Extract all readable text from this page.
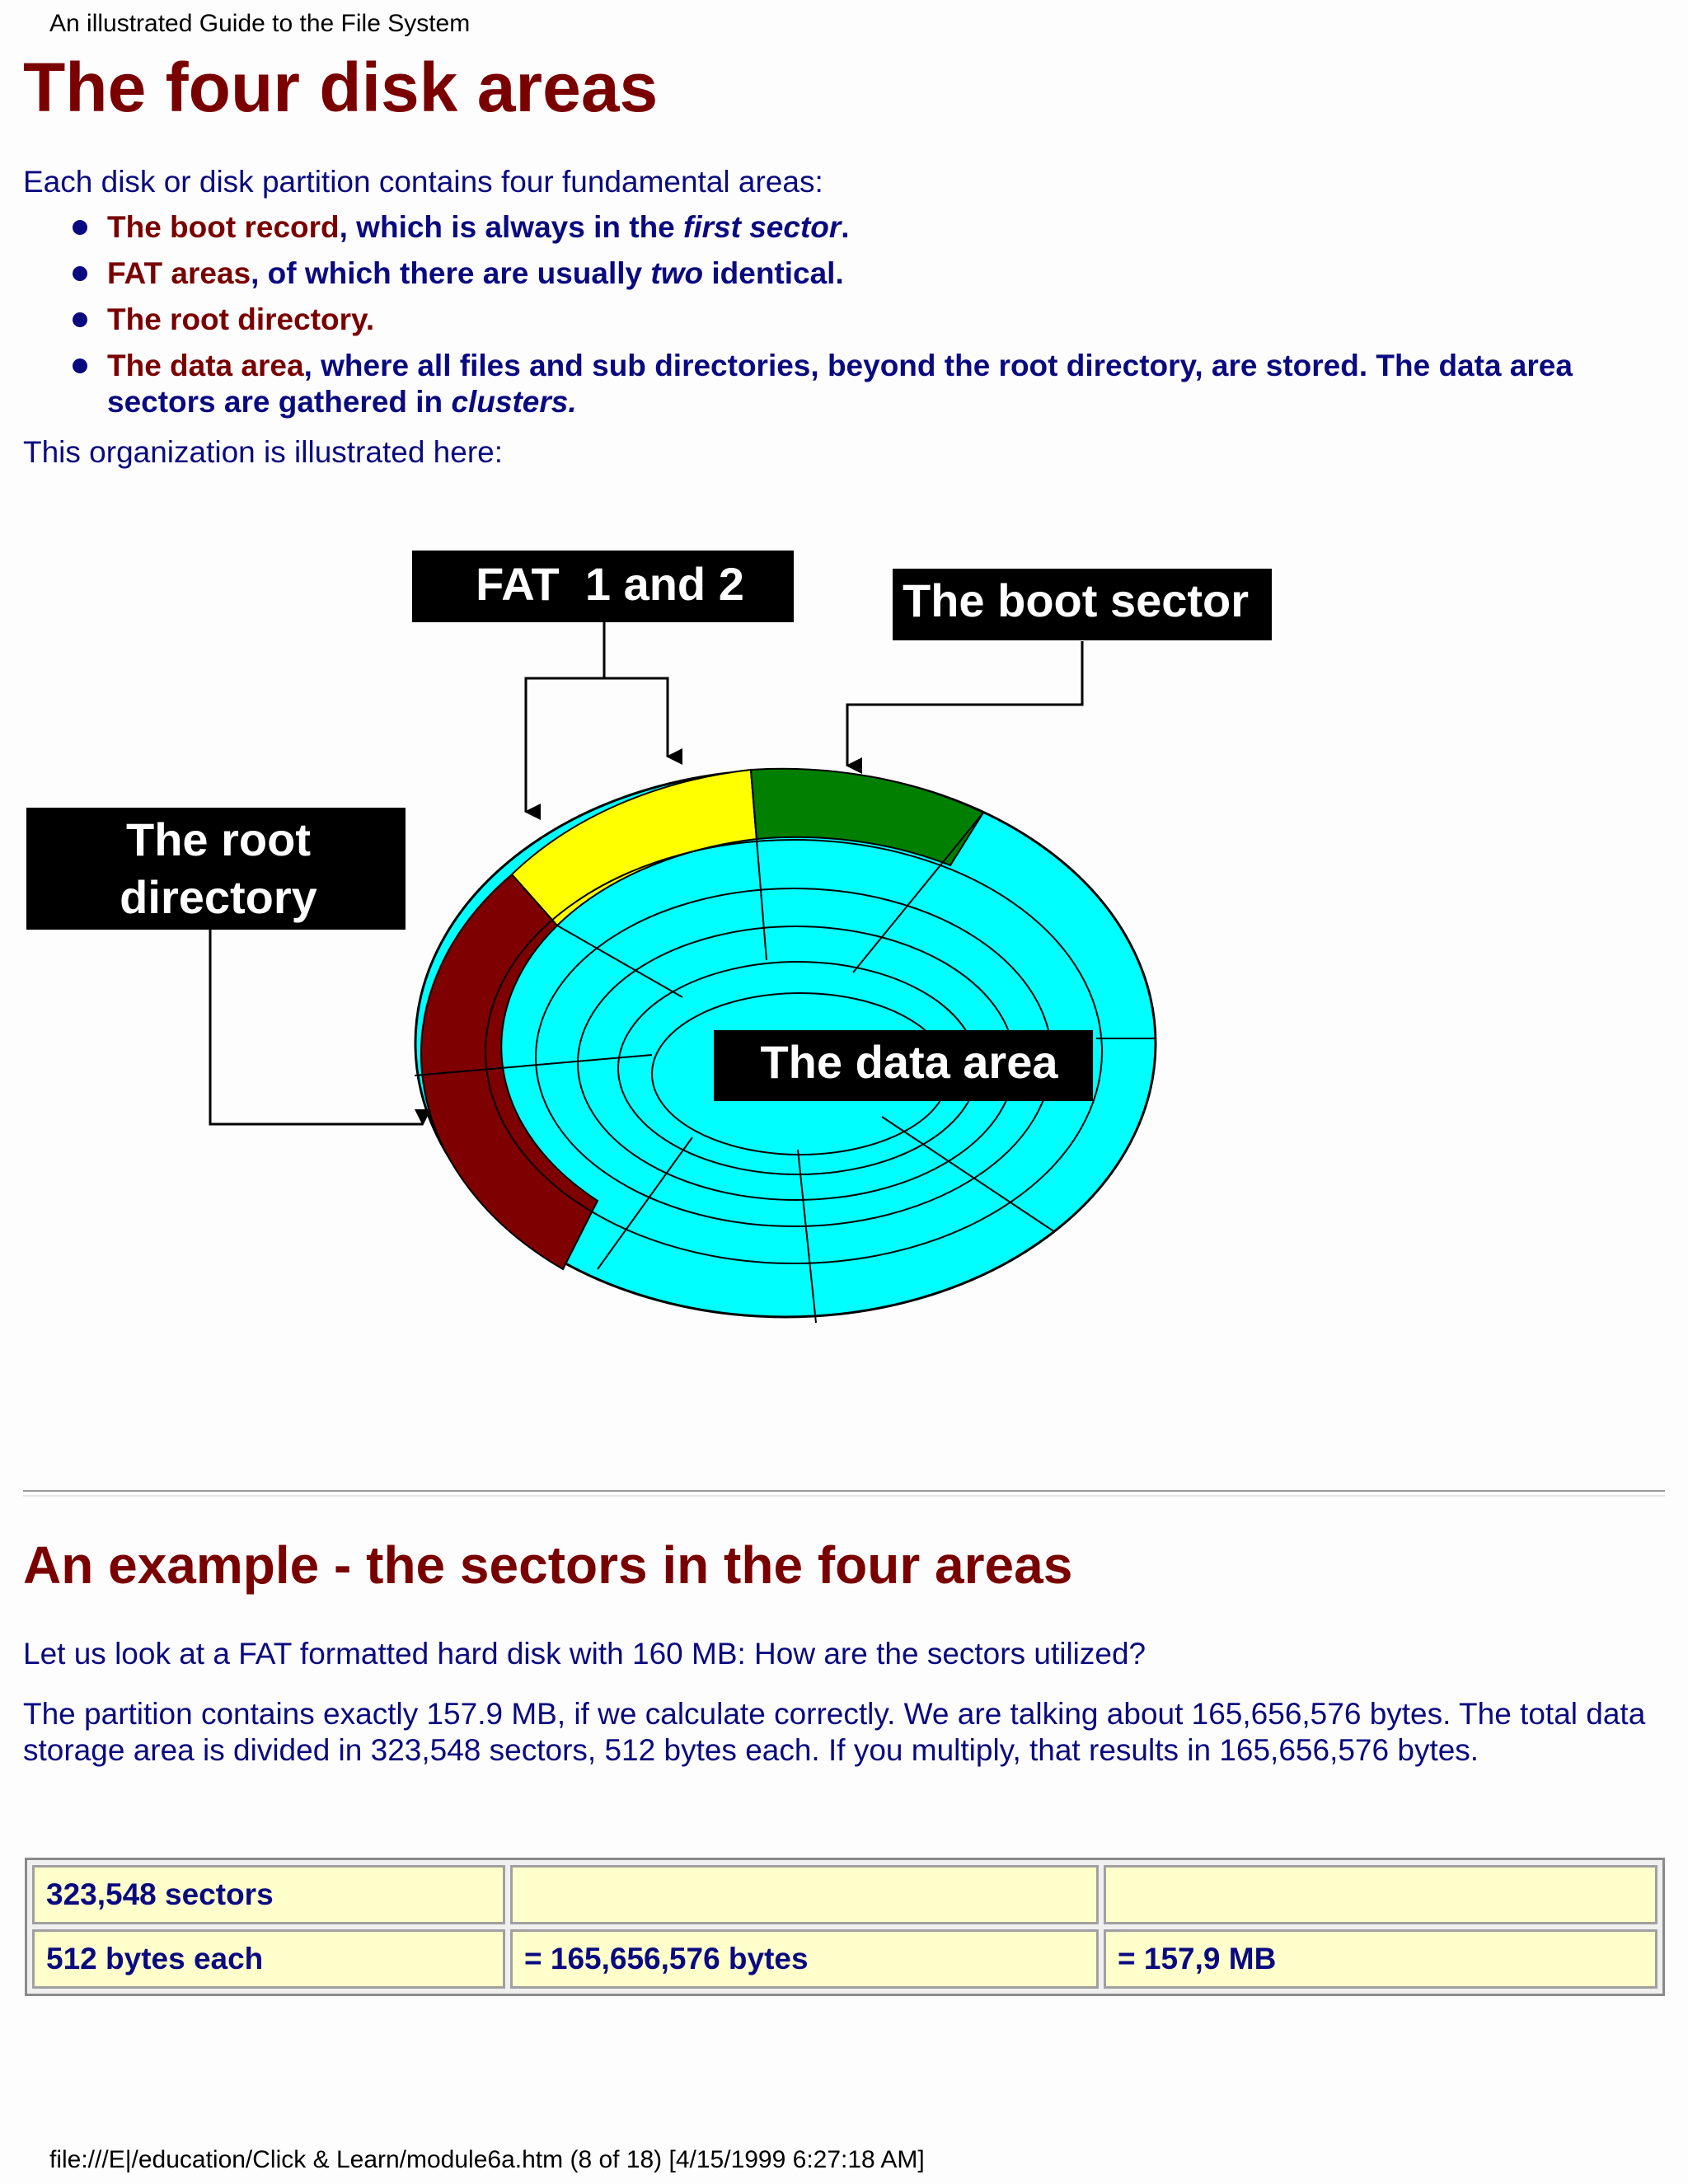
An illustrated Guide to the File System
The four disk areas
Each disk or disk partition contains four fundamental areas:
The boot record, which is always in the first sector.
FAT areas, of which there are usually two identical.
The root directory.
The data area, where all files and sub directories, beyond the root directory, are stored. The data area sectors are gathered in clusters.
This organization is illustrated here:
FAT  1 and 2	The boot sector
The root
directory
The data area
An example - the sectors in the four areas
Let us look at a FAT formatted hard disk with 160 MB: How are the sectors utilized?
The partition contains exactly 157.9 MB, if we calculate correctly. We are talking about 165,656,576 bytes. The total data storage area is divided in 323,548 sectors, 512 bytes each. If you multiply, that results in 165,656,576 bytes.
323,548 sectors		
512 bytes each	= 165,656,576 bytes	= 157,9 MB
file:///E|/education/Click & Learn/module6a.htm (8 of 18) [4/15/1999 6:27:18 AM]
